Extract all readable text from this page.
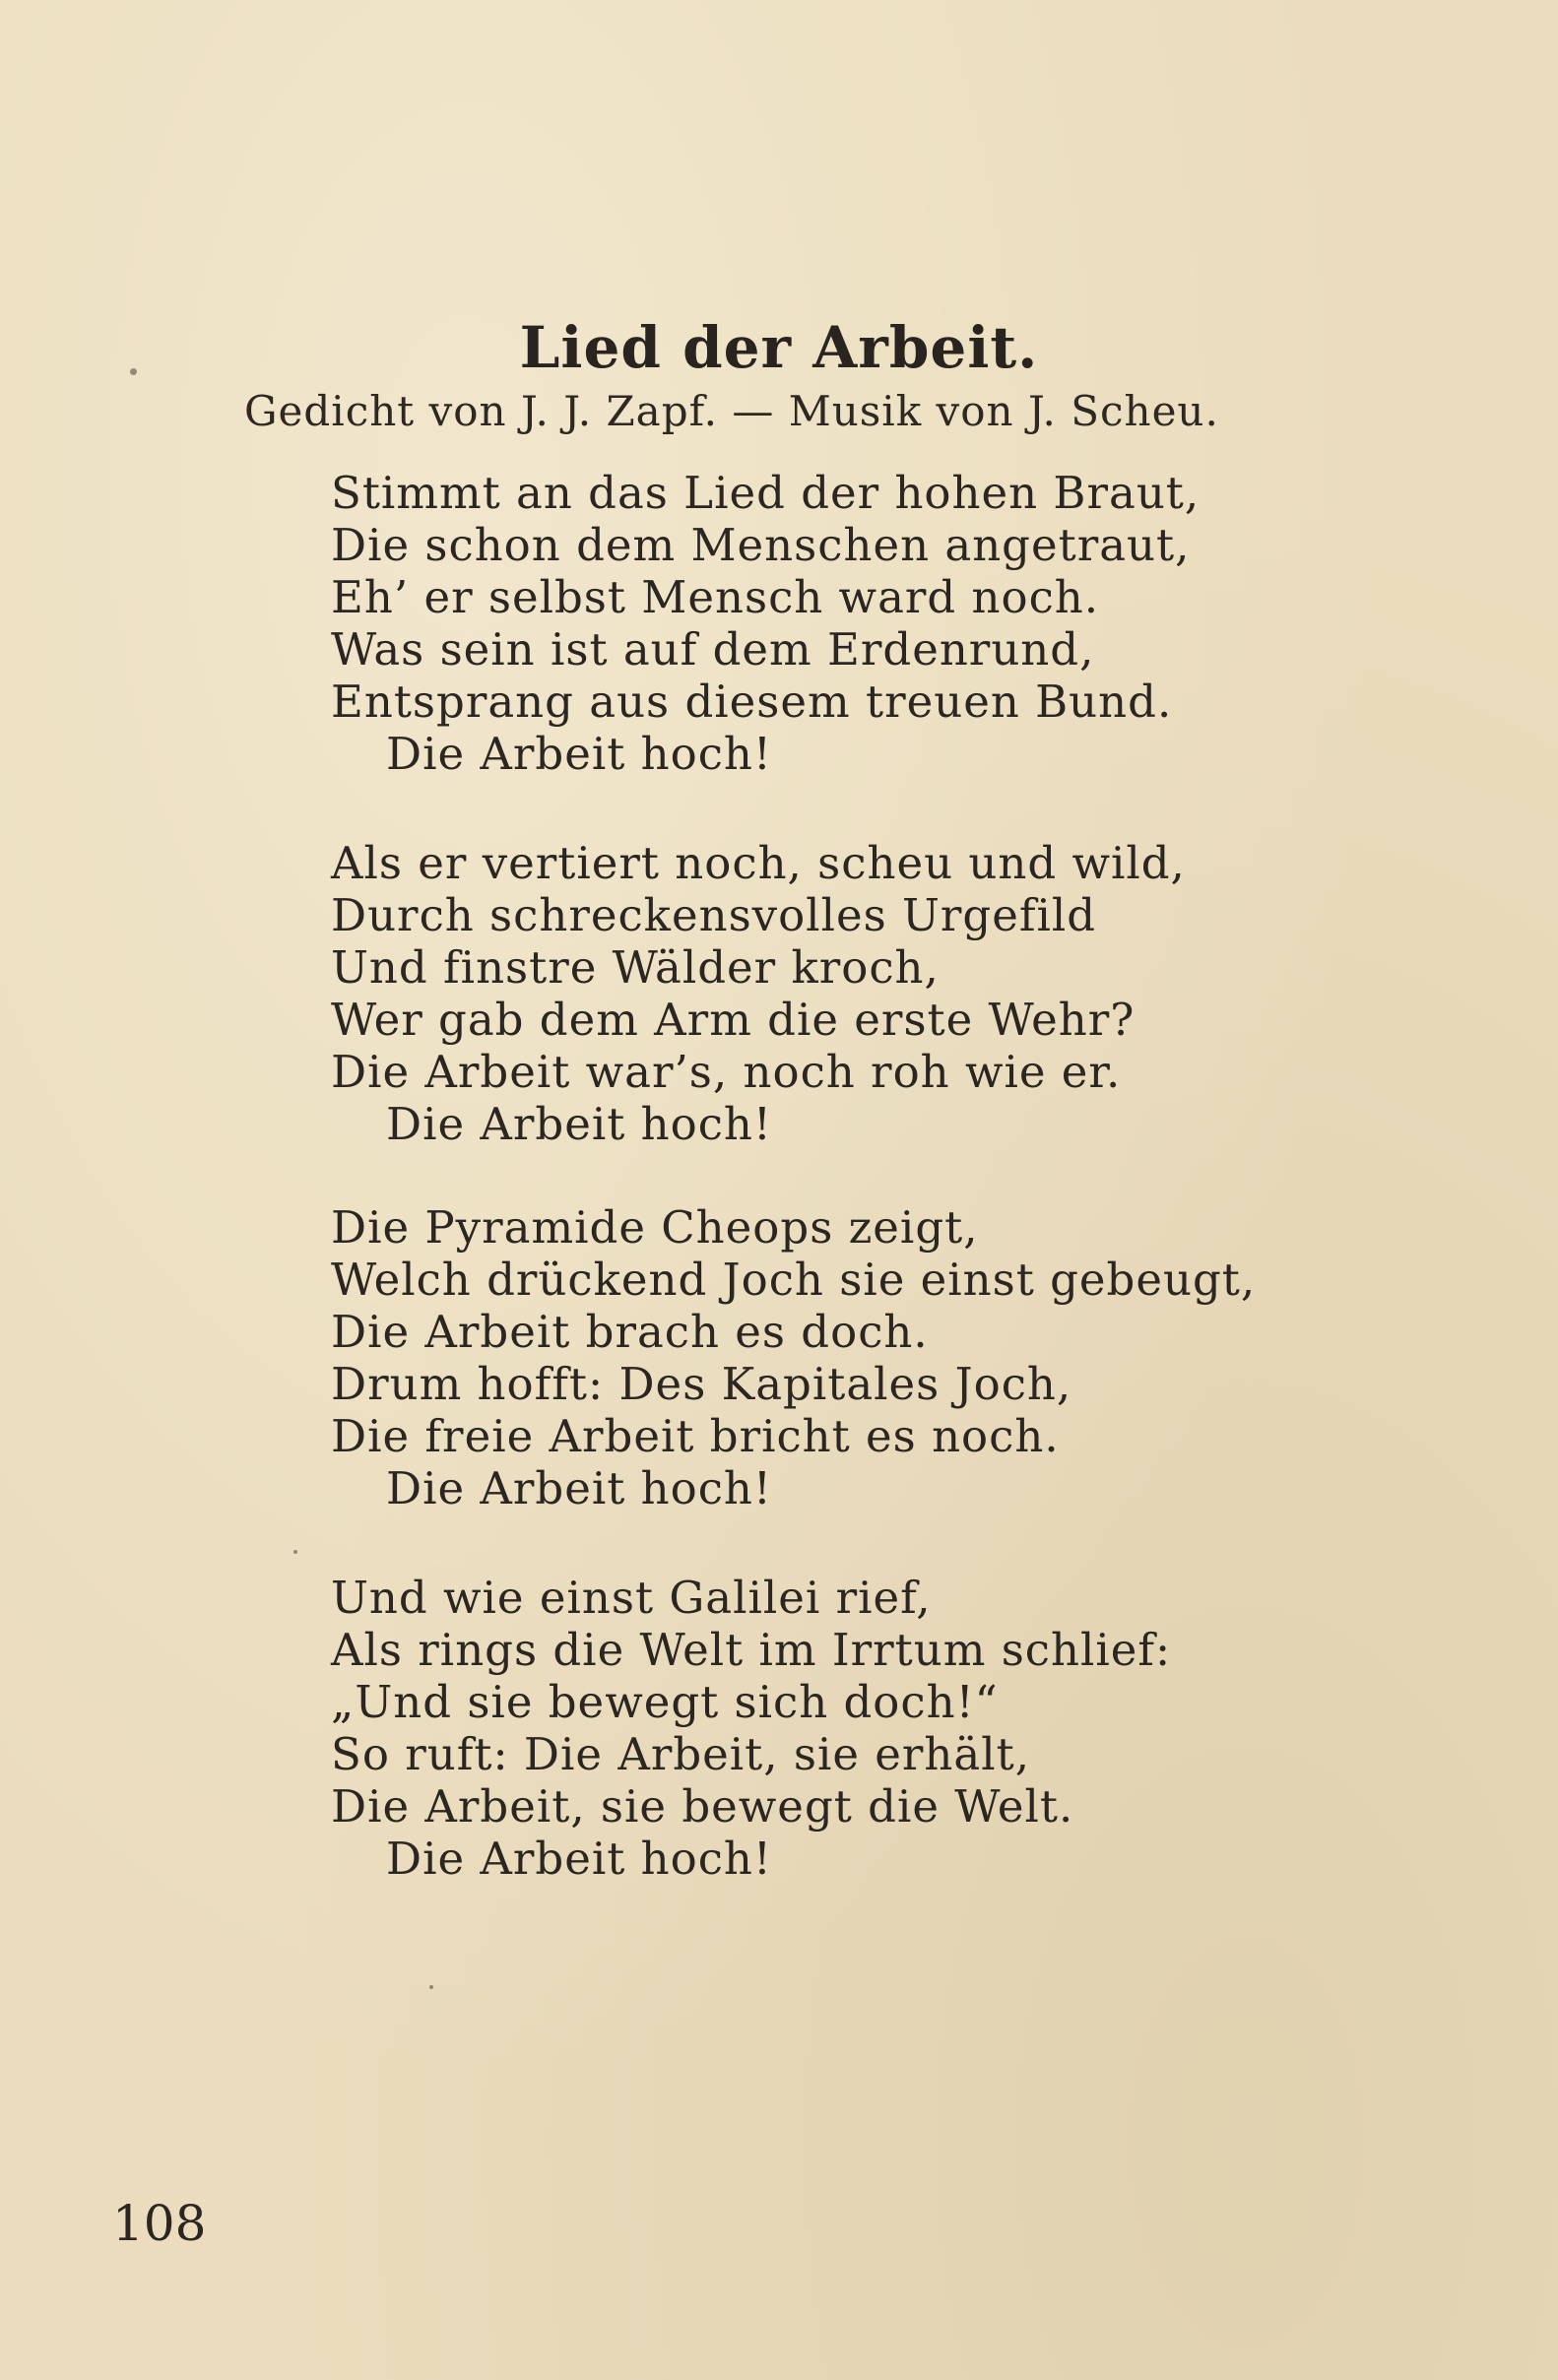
Lied der Arbeit.
Gedicht von J. J. Zapf. — Musik von J. Scheu.
Stimmt an das Lied der hohen Braut,
Die schon dem Menschen angetraut,
Eh’ er selbst Mensch ward noch.
Was sein ist auf dem Erdenrund,
Entsprang aus diesem treuen Bund.
Die Arbeit hoch!
Als er vertiert noch, scheu und wild,
Durch schreckensvolles Urgefild
Und finstre Wälder kroch,
Wer gab dem Arm die erste Wehr?
Die Arbeit war’s, noch roh wie er.
Die Arbeit hoch!
Die Pyramide Cheops zeigt,
Welch drückend Joch sie einst gebeugt,
Die Arbeit brach es doch.
Drum hofft: Des Kapitales Joch,
Die freie Arbeit bricht es noch.
Die Arbeit hoch!
Und wie einst Galilei rief,
Als rings die Welt im Irrtum schlief:
„Und sie bewegt sich doch!“
So ruft: Die Arbeit, sie erhält,
Die Arbeit, sie bewegt die Welt.
Die Arbeit hoch!
108
